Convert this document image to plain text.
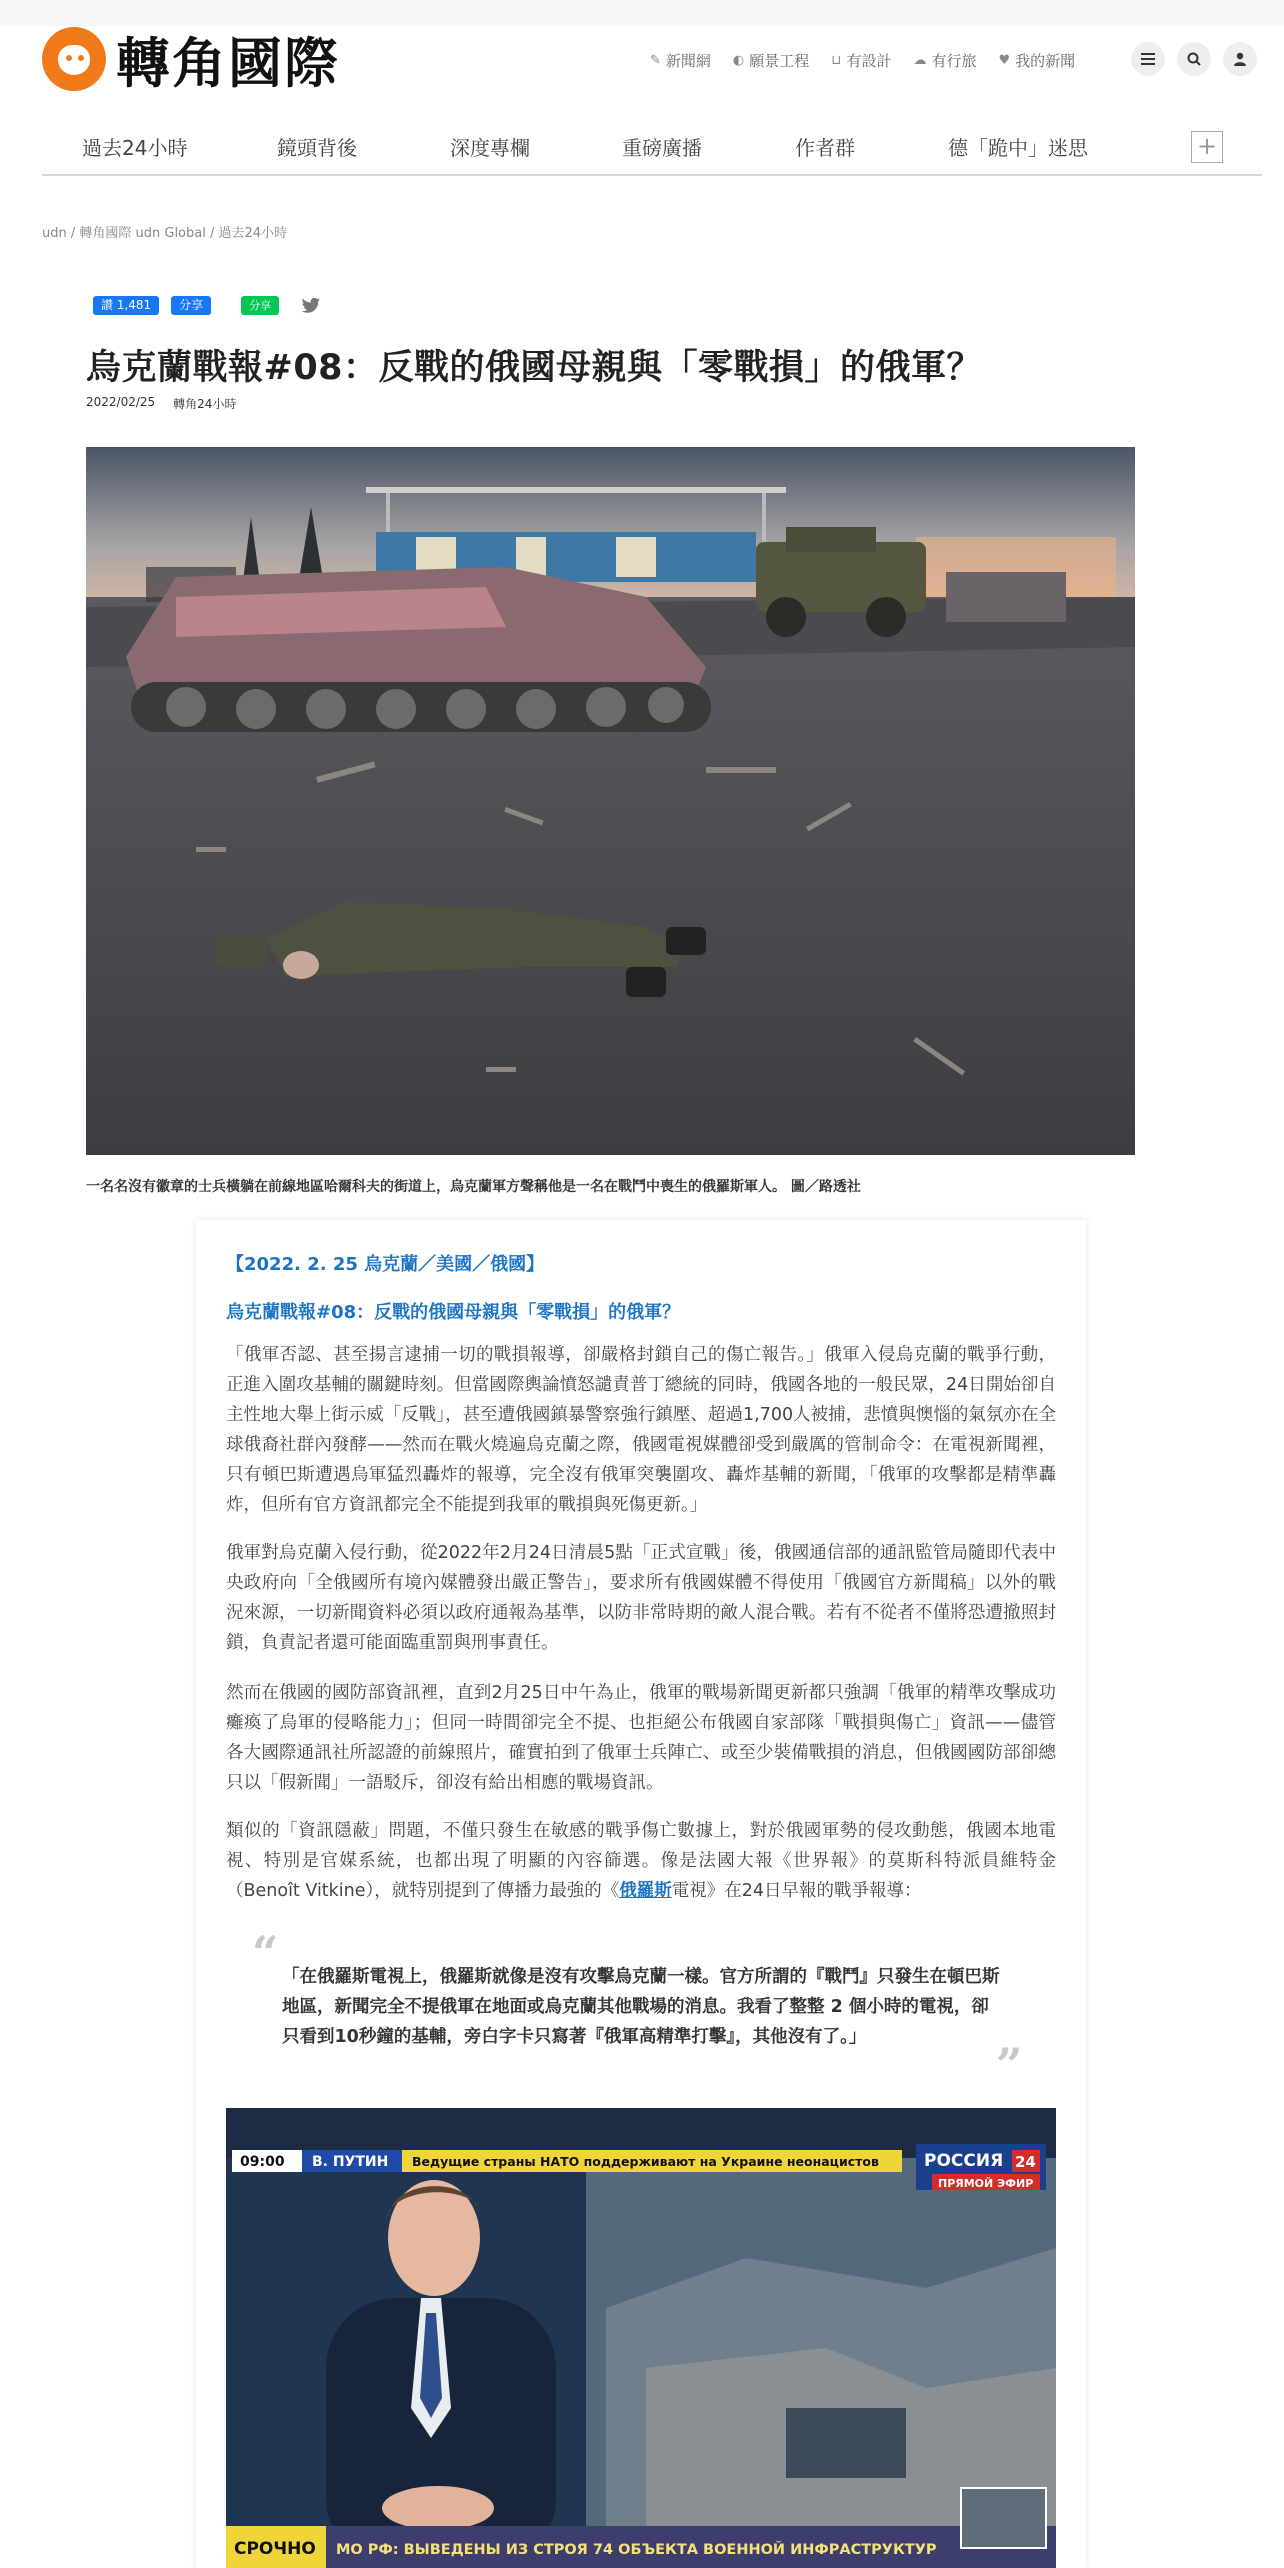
轉角國際	✎ 新聞網 ◐ 願景工程 ⊔ 有設計 ☁ 有行旅 ♥ 我的新聞
過去24小時	鏡頭背後	深度專欄	重磅廣播	作者群	德「跪中」迷思	+
udn / 轉角國際 udn Global / 過去24小時
讚 1,481	分享	分享
烏克蘭戰報#08：反戰的俄國母親與「零戰損」的俄軍？
2022/02/25 轉角24小時
一名名沒有徽章的士兵橫躺在前線地區哈爾科夫的街道上，烏克蘭軍方聲稱他是一名在戰鬥中喪生的俄羅斯軍人。 圖／路透社
【2022. 2. 25 烏克蘭／美國／俄國】
烏克蘭戰報#08：反戰的俄國母親與「零戰損」的俄軍？

「俄軍否認、甚至揚言逮捕一切的戰損報導，卻嚴格封鎖自己的傷亡報告。」俄軍入侵烏克蘭的戰爭行動，正進入圍攻基輔的關鍵時刻。但當國際輿論憤怒譴責普丁總統的同時，俄國各地的一般民眾，24日開始卻自主性地大舉上街示威「反戰」，甚至遭俄國鎮暴警察強行鎮壓、超過1,700人被捕，悲憤與懊惱的氣氛亦在全球俄裔社群內發酵——然而在戰火燒遍烏克蘭之際，俄國電視媒體卻受到嚴厲的管制命令：在電視新聞裡，只有頓巴斯遭遇烏軍猛烈轟炸的報導，完全沒有俄軍突襲圍攻、轟炸基輔的新聞，「俄軍的攻擊都是精準轟炸，但所有官方資訊都完全不能提到我軍的戰損與死傷更新。」

俄軍對烏克蘭入侵行動，從2022年2月24日清晨5點「正式宣戰」後，俄國通信部的通訊監管局隨即代表中央政府向「全俄國所有境內媒體發出嚴正警告」，要求所有俄國媒體不得使用「俄國官方新聞稿」以外的戰況來源，一切新聞資料必須以政府通報為基準，以防非常時期的敵人混合戰。若有不從者不僅將恐遭撤照封鎖，負責記者還可能面臨重罰與刑事責任。

然而在俄國的國防部資訊裡，直到2月25日中午為止，俄軍的戰場新聞更新都只強調「俄軍的精準攻擊成功癱瘓了烏軍的侵略能力」；但同一時間卻完全不提、也拒絕公布俄國自家部隊「戰損與傷亡」資訊——儘管各大國際通訊社所認證的前線照片，確實拍到了俄軍士兵陣亡、或至少裝備戰損的消息，但俄國國防部卻總只以「假新聞」一語駁斥，卻沒有給出相應的戰場資訊。

類似的「資訊隱蔽」問題，不僅只發生在敏感的戰爭傷亡數據上，對於俄國軍勢的侵攻動態，俄國本地電視、特別是官媒系統，也都出現了明顯的內容篩選。像是法國大報《世界報》的莫斯科特派員維特金（Benoît Vitkine），就特別提到了傳播力最強的《俄羅斯電視》在24日早報的戰爭報導：

“ 「在俄羅斯電視上，俄羅斯就像是沒有攻擊烏克蘭一樣。官方所謂的『戰鬥』只發生在頓巴斯地區，新聞完全不提俄軍在地面或烏克蘭其他戰場的消息。我看了整整 2 個小時的電視，卻只看到10秒鐘的基輔，旁白字卡只寫著『俄軍高精準打擊』，其他沒有了。」

”
09:00 В. ПУТИН Ведущие страны НАТО поддерживают на Украине неонацистов	РОССИЯ 24
ПРЯМОЙ ЭФИР
СРОЧНО МО РФ: ВЫВЕДЕНЫ ИЗ СТРОЯ 74 ОБЪЕКТА ВОЕННОЙ ИНФРАСТРУКТУР
